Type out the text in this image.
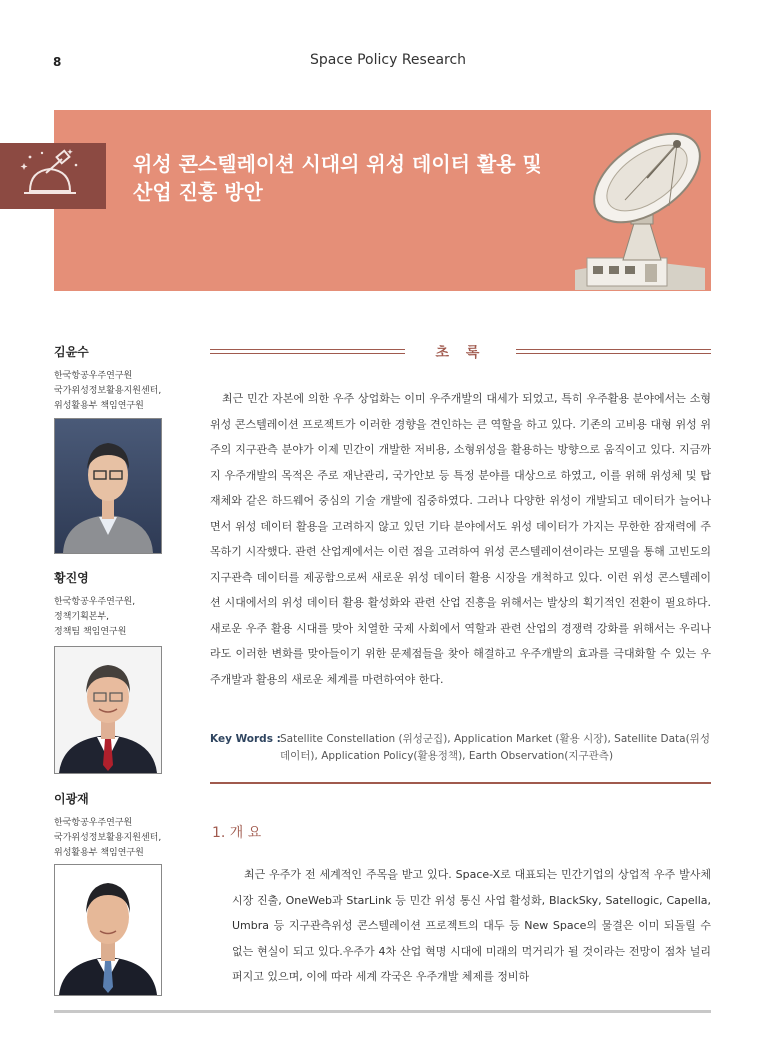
8	Space Policy Research
위성 콘스텔레이션 시대의 위성 데이터 활용 및
산업 진흥 방안
김윤수
한국항공우주연구원
국가위성정보활용지원센터,
위성활용부 책임연구원
황진영
한국항공우주연구원,
정책기획본부,
정책팀 책임연구원
이광재
한국항공우주연구원
국가위성정보활용지원센터,
위성활용부 책임연구원
초 록

최근 민간 자본에 의한 우주 상업화는 이미 우주개발의 대세가 되었고, 특히 우주활용 분야에서는 소형위성 콘스텔레이션 프로젝트가 이러한 경향을 견인하는 큰 역할을 하고 있다. 기존의 고비용 대형 위성 위주의 지구관측 분야가 이제 민간이 개발한 저비용, 소형위성을 활용하는 방향으로 움직이고 있다. 지금까지 우주개발의 목적은 주로 재난관리, 국가안보 등 특정 분야를 대상으로 하였고, 이를 위해 위성체 및 탑재체와 같은 하드웨어 중심의 기술 개발에 집중하였다. 그러나 다양한 위성이 개발되고 데이터가 늘어나면서 위성 데이터 활용을 고려하지 않고 있던 기타 분야에서도 위성 데이터가 가지는 무한한 잠재력에 주목하기 시작했다. 관련 산업계에서는 이런 점을 고려하여 위성 콘스텔레이션이라는 모델을 통해 고빈도의 지구관측 데이터를 제공함으로써 새로운 위성 데이터 활용 시장을 개척하고 있다. 이런 위성 콘스텔레이션 시대에서의 위성 데이터 활용 활성화와 관련 산업 진흥을 위해서는 발상의 획기적인 전환이 필요하다. 새로운 우주 활용 시대를 맞아 치열한 국제 사회에서 역할과 관련 산업의 경쟁력 강화를 위해서는 우리나라도 이러한 변화를 맞아들이기 위한 문제점들을 찾아 해결하고 우주개발의 효과를 극대화할 수 있는 우주개발과 활용의 새로운 체계를 마련하여야 한다.

Key Words : Satellite Constellation (위성군집), Application Market (활용 시장), Satellite Data(위성 데이터), Application Policy(활용정책), Earth Observation(지구관측)
1. 개 요

최근 우주가 전 세계적인 주목을 받고 있다. Space-X로 대표되는 민간기업의 상업적 우주 발사체 시장 진출, OneWeb과 StarLink 등 민간 위성 통신 사업 활성화, BlackSky, Satellogic, Capella, Umbra 등 지구관측위성 콘스텔레이션 프로젝트의 대두 등 New Space의 물결은 이미 되돌릴 수 없는 현실이 되고 있다.우주가 4차 산업 혁명 시대에 미래의 먹거리가 될 것이라는 전망이 점차 널리 퍼지고 있으며, 이에 따라 세계 각국은 우주개발 체제를 정비하
